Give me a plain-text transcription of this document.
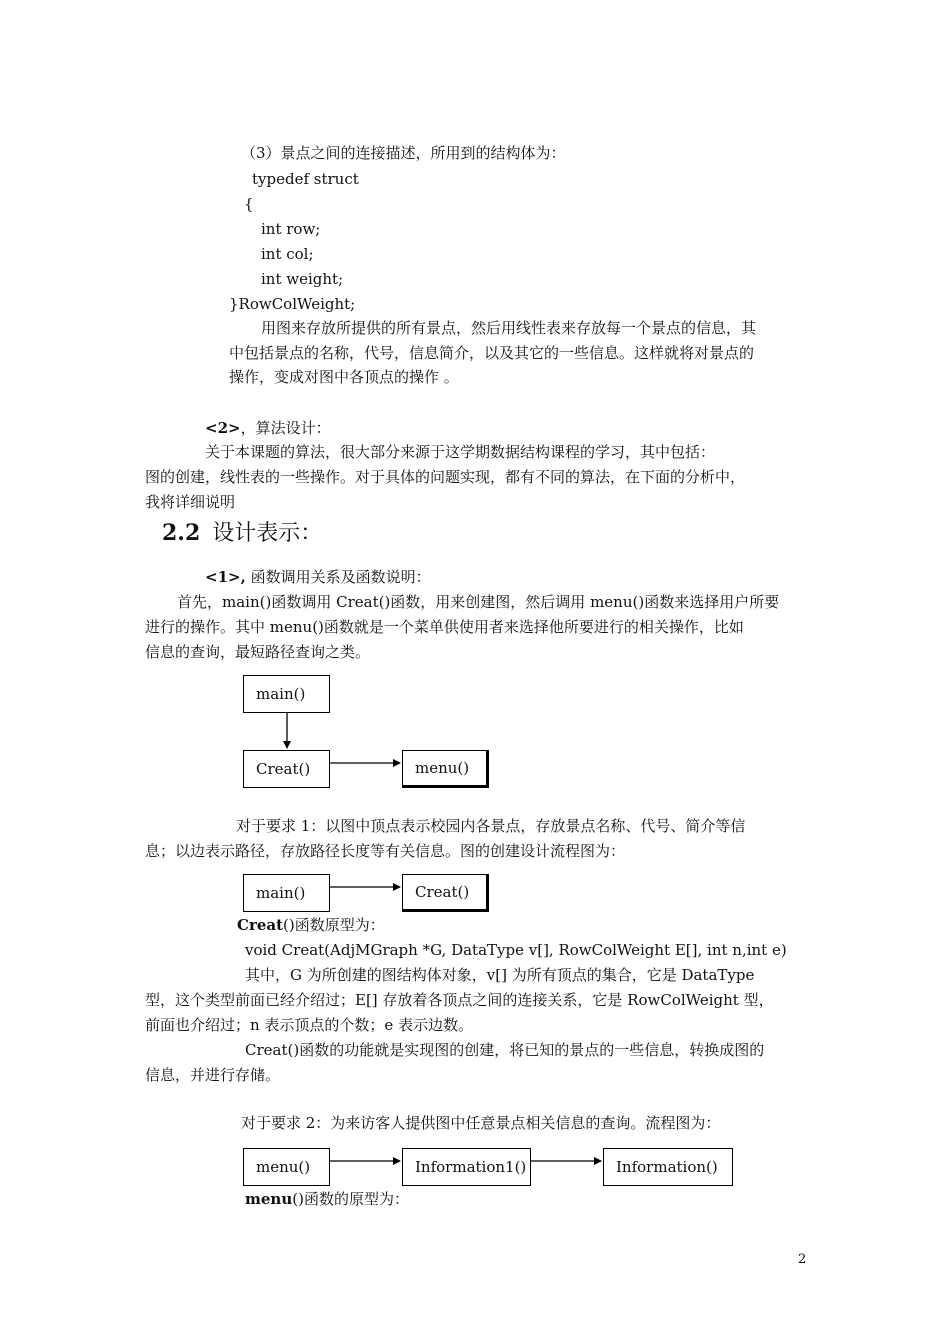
（3）景点之间的连接描述，所用到的结构体为：
typedef struct
{
int row;
int col;
int weight;
}RowColWeight;
用图来存放所提供的所有景点，然后用线性表来存放每一个景点的信息，其
中包括景点的名称，代号，信息简介，以及其它的一些信息。这样就将对景点的
操作，变成对图中各顶点的操作 。
<2>，算法设计：
关于本课题的算法，很大部分来源于这学期数据结构课程的学习，其中包括：
图的创建，线性表的一些操作。对于具体的问题实现，都有不同的算法，在下面的分析中，
我将详细说明
2.2 设计表示：
<1>, 函数调用关系及函数说明：
首先，main()函数调用 Creat()函数，用来创建图，然后调用 menu()函数来选择用户所要
进行的操作。其中 menu()函数就是一个菜单供使用者来选择他所要进行的相关操作，比如
信息的查询，最短路径查询之类。
main()
Creat()	menu()
对于要求 1：以图中顶点表示校园内各景点，存放景点名称、代号、简介等信
息；以边表示路径，存放路径长度等有关信息。图的创建设计流程图为：
main()	Creat()
Creat()函数原型为：
void Creat(AdjMGraph *G, DataType v[], RowColWeight E[], int n,int e)
其中，G 为所创建的图结构体对象，v[] 为所有顶点的集合，它是 DataType
型，这个类型前面已经介绍过；E[] 存放着各顶点之间的连接关系，它是 RowColWeight 型，
前面也介绍过；n 表示顶点的个数；e 表示边数。
Creat()函数的功能就是实现图的创建，将已知的景点的一些信息，转换成图的
信息，并进行存储。
对于要求 2：为来访客人提供图中任意景点相关信息的查询。流程图为：
menu()	Information1()	Information()
menu()函数的原型为：
2
